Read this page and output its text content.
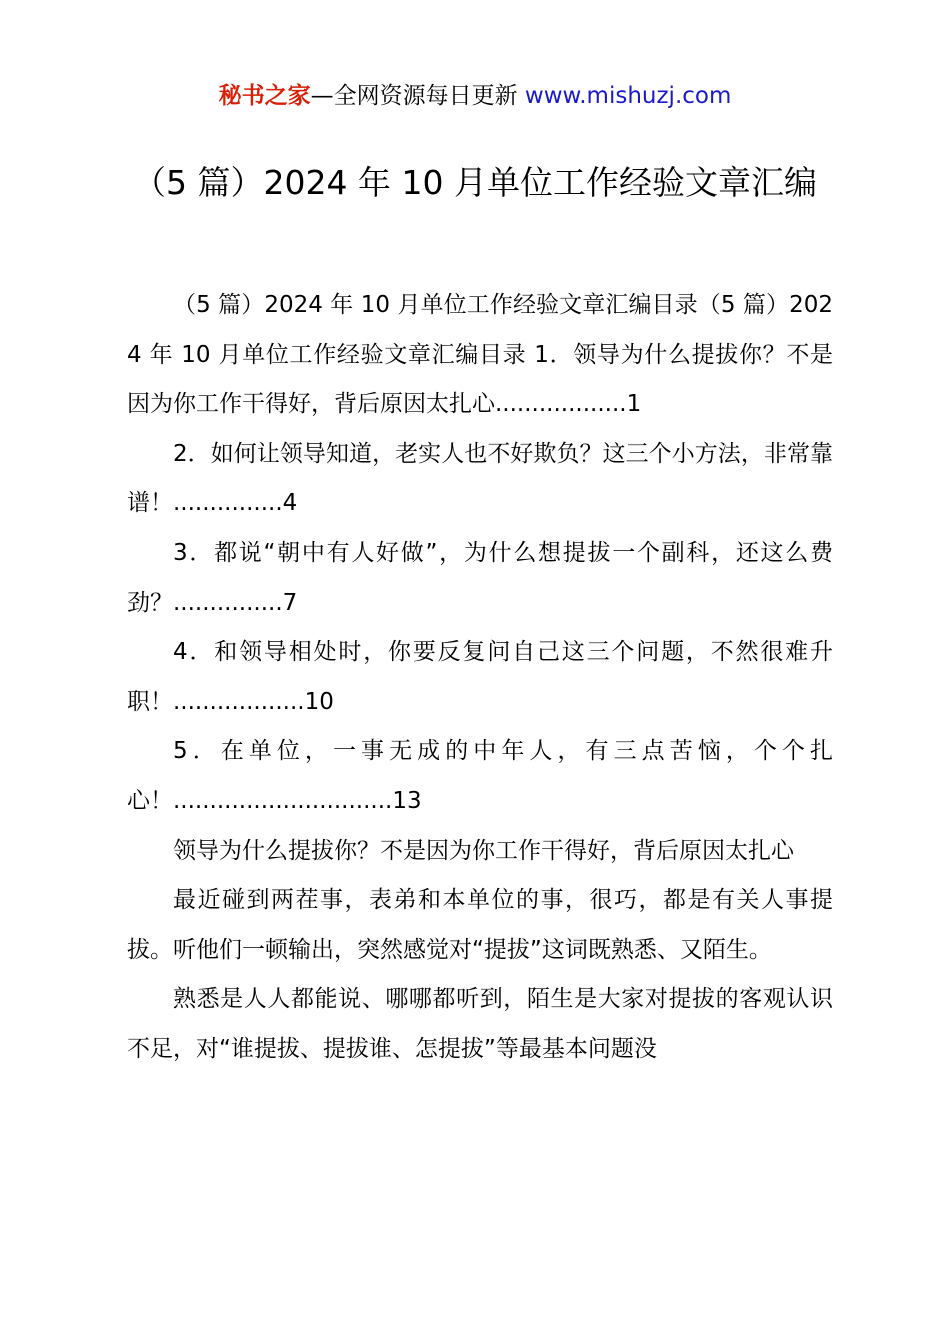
秘书之家—全网资源每日更新 www.mishuzj.com
（5 篇）2024 年 10 月单位工作经验文章汇编

（5 篇）2024 年 10 月单位工作经验文章汇编目录（5 篇）2024 年 10 月单位工作经验文章汇编目录 1．领导为什么提拔你？不是因为你工作干得好，背后原因太扎心..................1

2．如何让领导知道，老实人也不好欺负？这三个小方法，非常靠谱！...............4

3．都说“朝中有人好做”，为什么想提拔一个副科，还这么费劲？...............7

4．和领导相处时，你要反复问自己这三个问题，不然很难升职！..................10

5．在单位，一事无成的中年人，有三点苦恼，个个扎心！..............................13

领导为什么提拔你？不是因为你工作干得好，背后原因太扎心

最近碰到两茬事，表弟和本单位的事，很巧，都是有关人事提拔。听他们一顿输出，突然感觉对“提拔”这词既熟悉、又陌生。

熟悉是人人都能说、哪哪都听到，陌生是大家对提拔的客观认识不足，对“谁提拔、提拔谁、怎提拔”等最基本问题没
